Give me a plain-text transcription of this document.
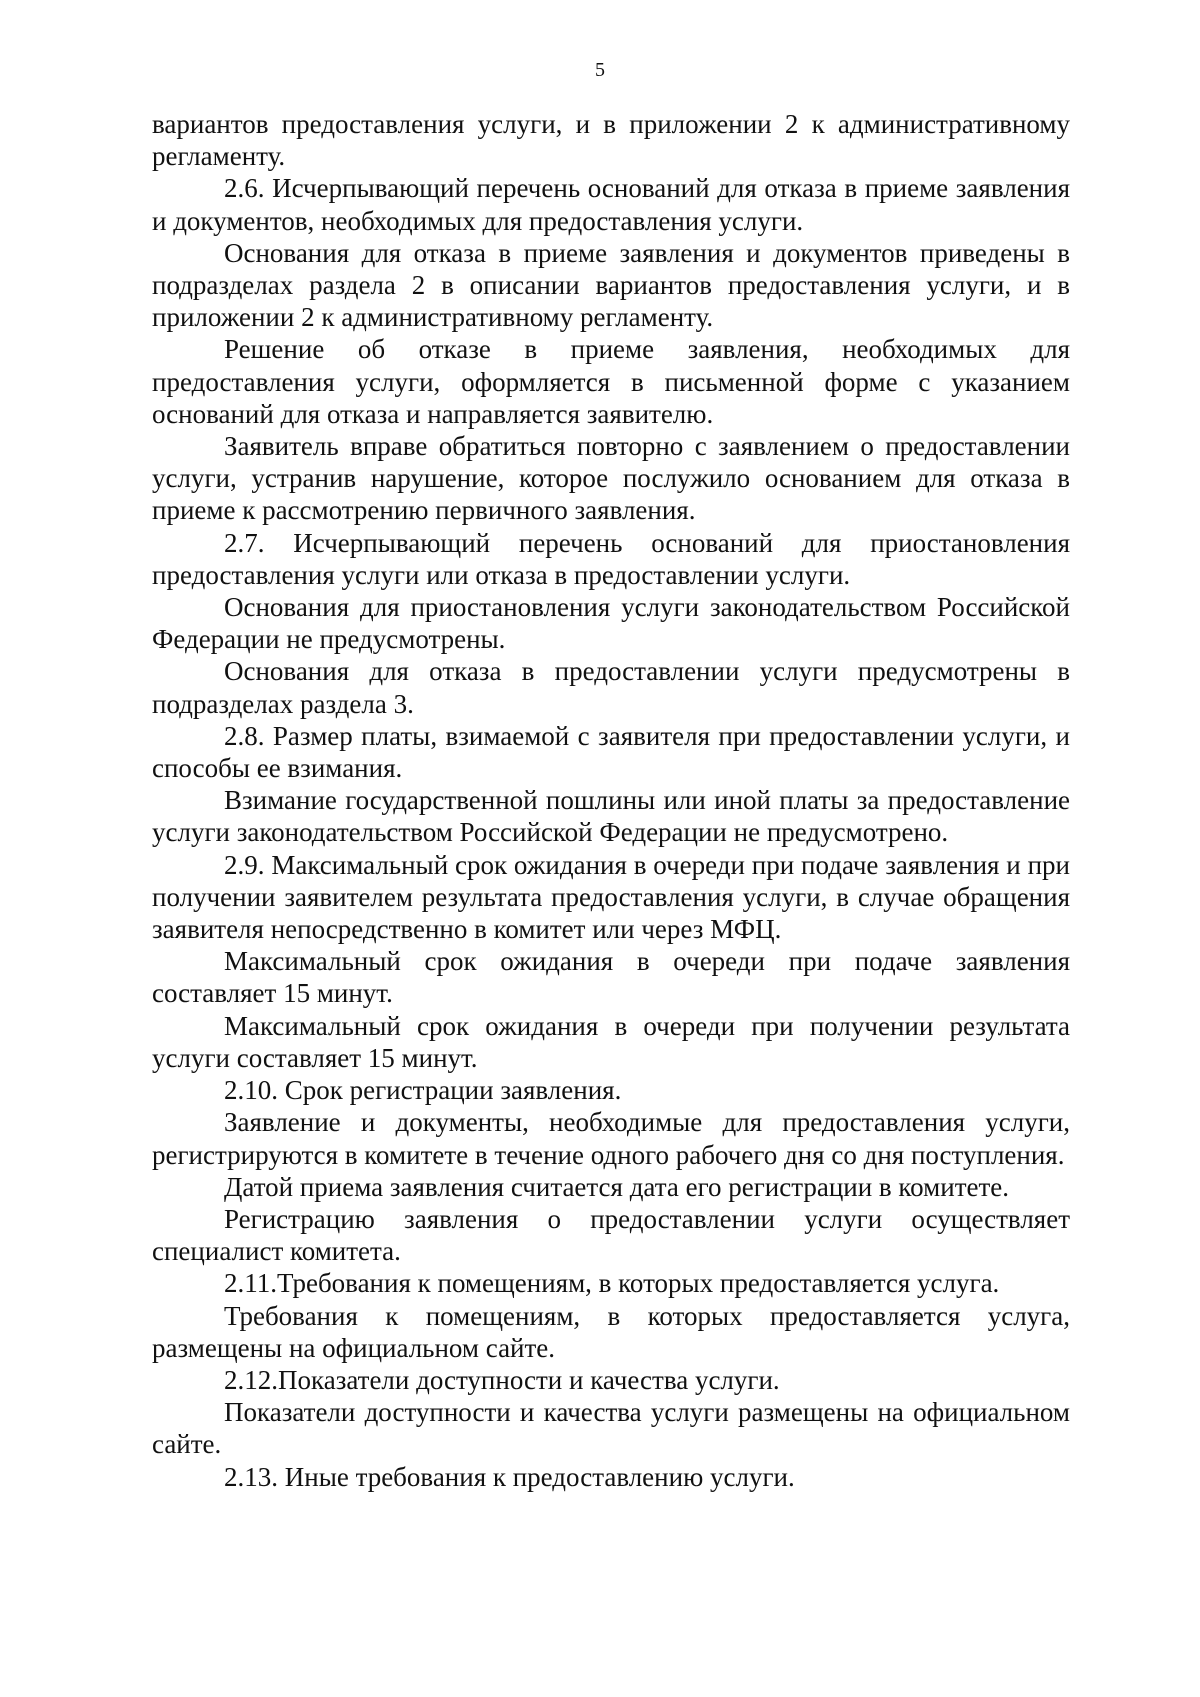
5

вариантов предоставления услуги, и в приложении 2 к административному регламенту.

2.6. Исчерпывающий перечень оснований для отказа в приеме заявления и документов, необходимых для предоставления услуги.

Основания для отказа в приеме заявления и документов приведены в подразделах раздела 2 в описании вариантов предоставления услуги, и в приложении 2 к административному регламенту.

Решение об отказе в приеме заявления, необходимых для предоставления услуги, оформляется в письменной форме с указанием оснований для отказа и направляется заявителю.

Заявитель вправе обратиться повторно с заявлением о предоставлении услуги, устранив нарушение, которое послужило основанием для отказа в приеме к рассмотрению первичного заявления.

2.7. Исчерпывающий перечень оснований для приостановления предоставления услуги или отказа в предоставлении услуги.

Основания для приостановления услуги законодательством Российской Федерации не предусмотрены.

Основания для отказа в предоставлении услуги предусмотрены в подразделах раздела 3.

2.8. Размер платы, взимаемой с заявителя при предоставлении услуги, и способы ее взимания.

Взимание государственной пошлины или иной платы за предоставление услуги законодательством Российской Федерации не предусмотрено.

2.9. Максимальный срок ожидания в очереди при подаче заявления и при получении заявителем результата предоставления услуги, в случае обращения заявителя непосредственно в комитет или через МФЦ.

Максимальный срок ожидания в очереди при подаче заявления составляет 15 минут.

Максимальный срок ожидания в очереди при получении результата услуги составляет 15 минут.

2.10. Срок регистрации заявления.

Заявление и документы, необходимые для предоставления услуги, регистрируются в комитете в течение одного рабочего дня со дня поступления.

Датой приема заявления считается дата его регистрации в комитете.

Регистрацию заявления о предоставлении услуги осуществляет специалист комитета.

2.11.Требования к помещениям, в которых предоставляется услуга.

Требования к помещениям, в которых предоставляется услуга, размещены на официальном сайте.

2.12.Показатели доступности и качества услуги.

Показатели доступности и качества услуги размещены на официальном сайте.

2.13. Иные требования к предоставлению услуги.
